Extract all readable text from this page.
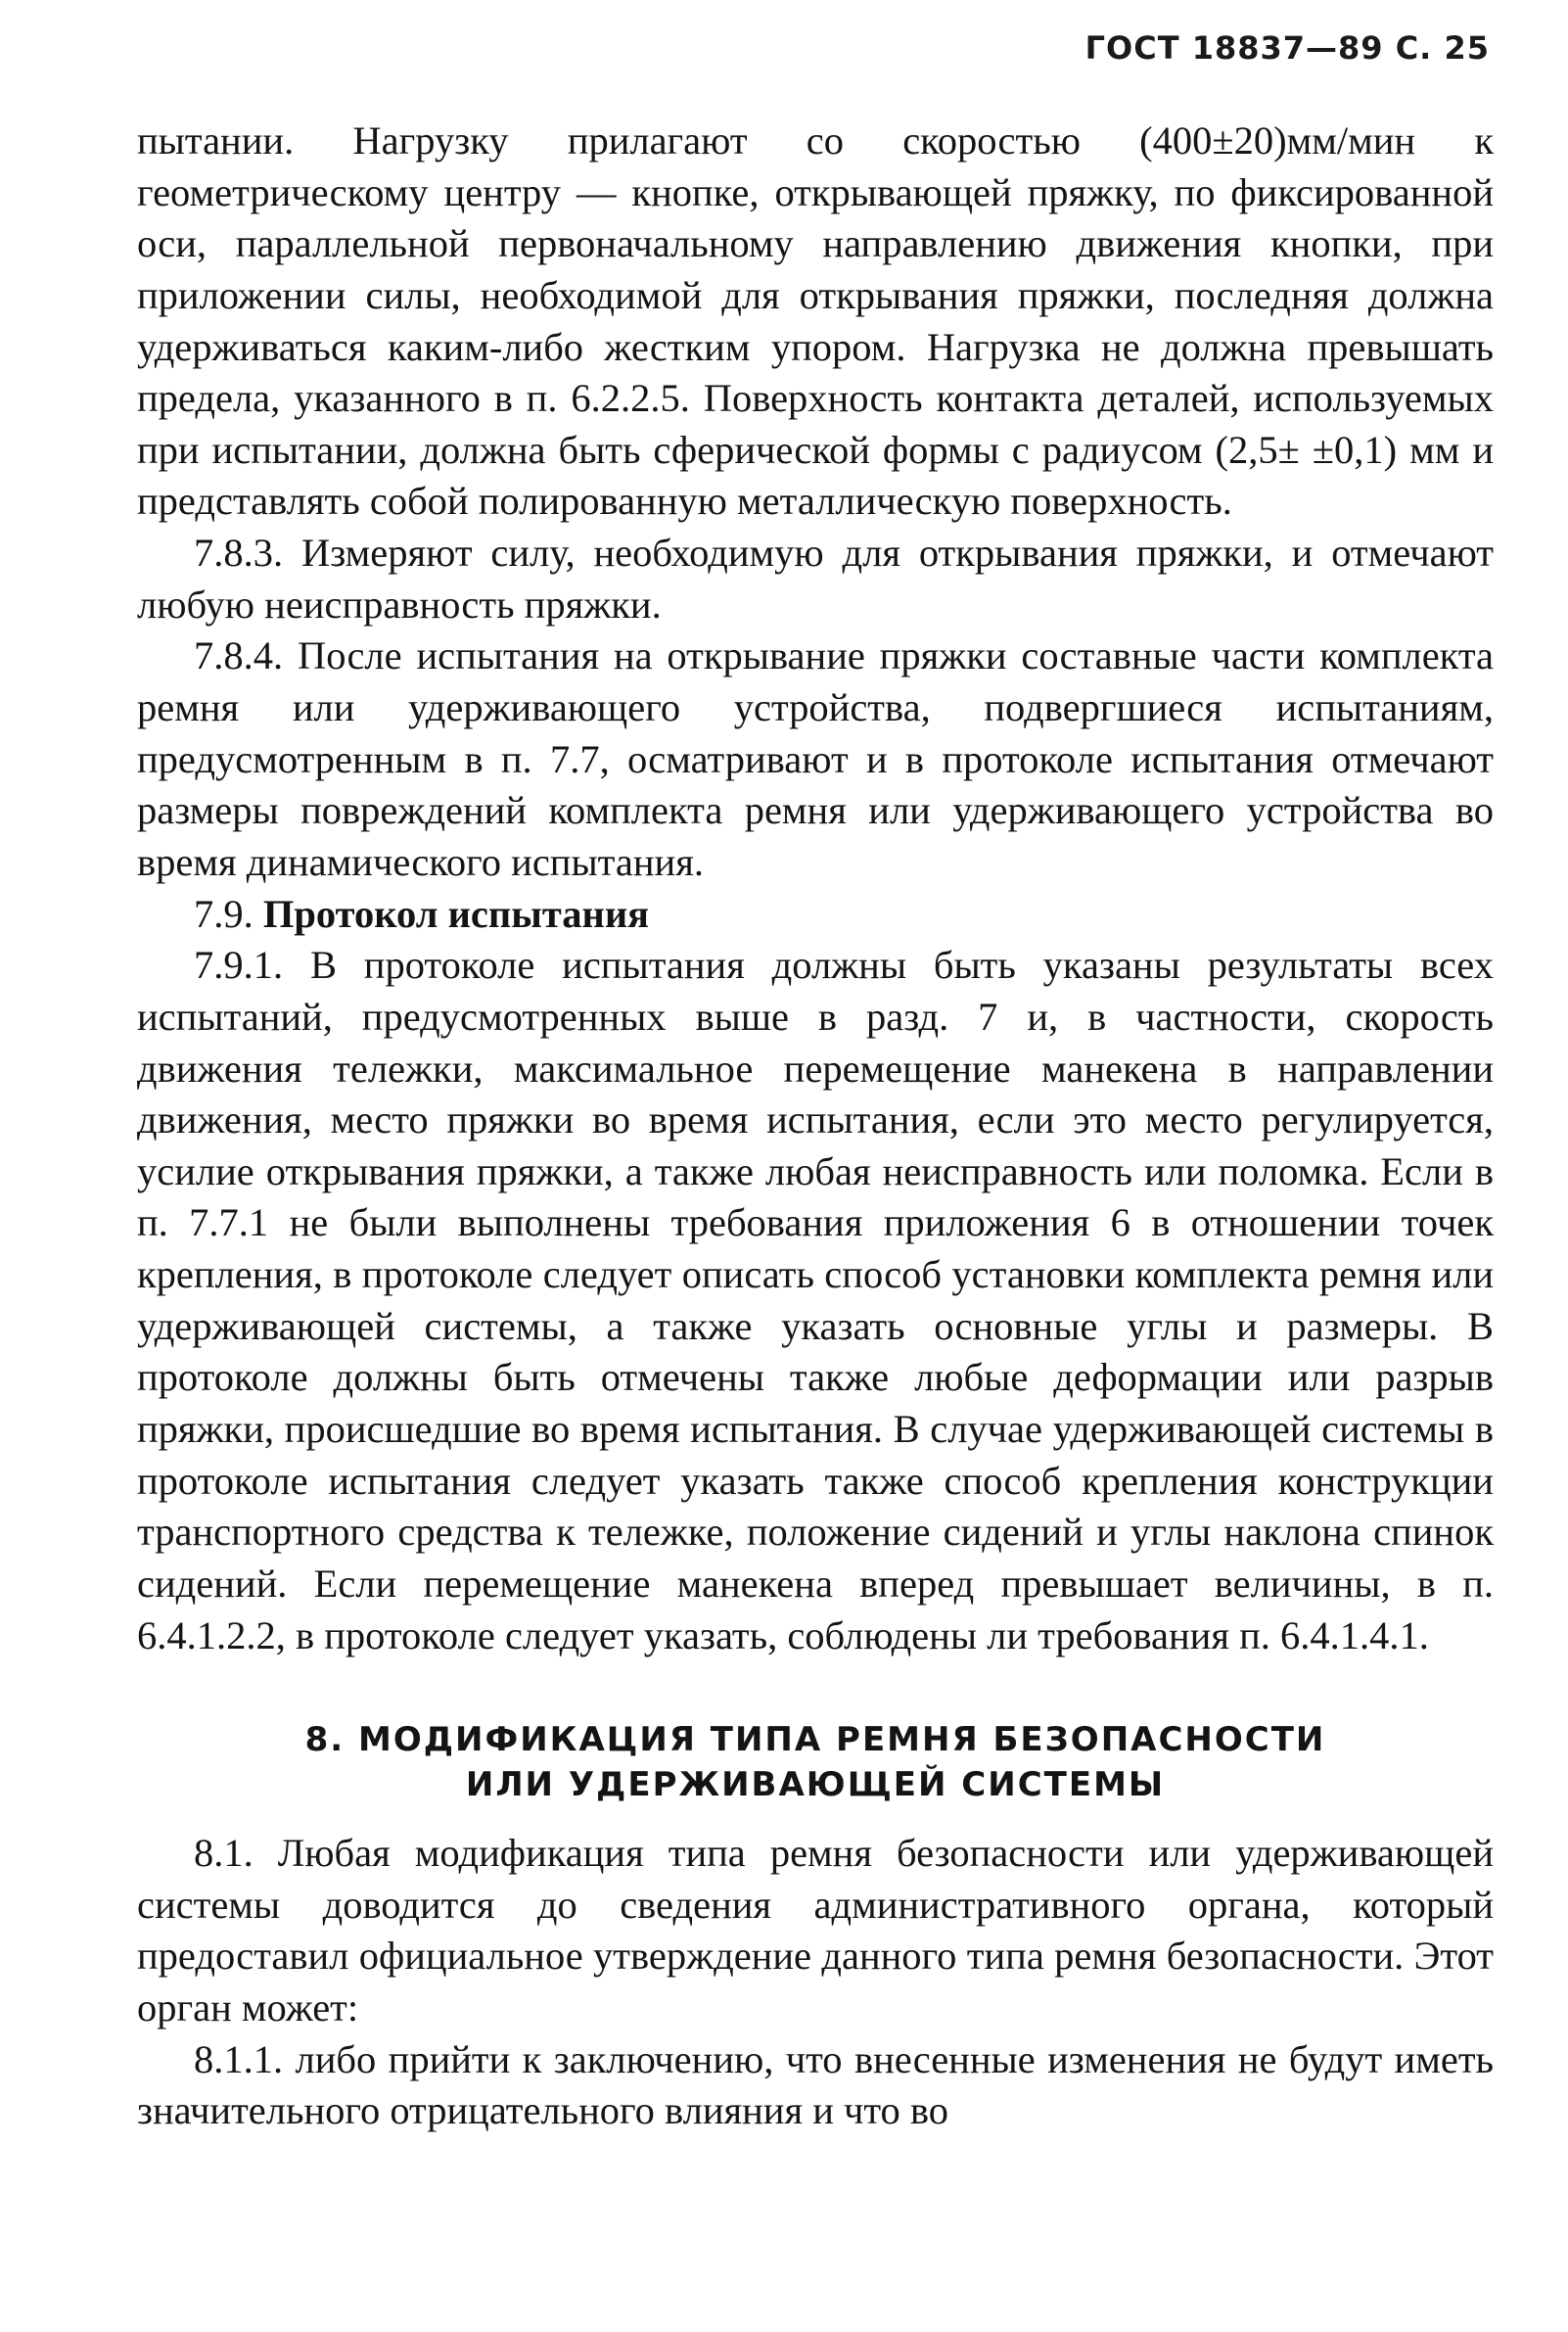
ГОСТ 18837—89 С. 25

пытании. Нагрузку прилагают со скоростью (400±20)мм/мин к геометрическому центру — кнопке, открывающей пряжку, по фиксированной оси, параллельной первоначальному направлению движения кнопки, при приложении силы, необходимой для открывания пряжки, последняя должна удерживаться каким-либо жестким упором. Нагрузка не должна превышать предела, указанного в п. 6.2.2.5. Поверхность контакта деталей, используемых при испытании, должна быть сферической формы с радиусом (2,5± ±0,1) мм и представлять собой полированную металлическую поверхность.

7.8.3. Измеряют силу, необходимую для открывания пряжки, и отмечают любую неисправность пряжки.

7.8.4. После испытания на открывание пряжки составные части комплекта ремня или удерживающего устройства, подвергшиеся испытаниям, предусмотренным в п. 7.7, осматривают и в протоколе испытания отмечают размеры повреждений комплекта ремня или удерживающего устройства во время динамического испытания.

7.9. Протокол испытания

7.9.1. В протоколе испытания должны быть указаны результаты всех испытаний, предусмотренных выше в разд. 7 и, в частности, скорость движения тележки, максимальное перемещение манекена в направлении движения, место пряжки во время испытания, если это место регулируется, усилие открывания пряжки, а также любая неисправность или поломка. Если в п. 7.7.1 не были выполнены требования приложения 6 в отношении точек крепления, в протоколе следует описать способ установки комплекта ремня или удерживающей системы, а также указать основные углы и размеры. В протоколе должны быть отмечены также любые деформации или разрыв пряжки, происшедшие во время испытания. В случае удерживающей системы в протоколе испытания следует указать также способ крепления конструкции транспортного средства к тележке, положение сидений и углы наклона спинок сидений. Если перемещение манекена вперед превышает величины, в п. 6.4.1.2.2, в протоколе следует указать, соблюдены ли требования п. 6.4.1.4.1.

8. МОДИФИКАЦИЯ ТИПА РЕМНЯ БЕЗОПАСНОСТИ
ИЛИ УДЕРЖИВАЮЩЕЙ СИСТЕМЫ

8.1. Любая модификация типа ремня безопасности или удерживающей системы доводится до сведения административного органа, который предоставил официальное утверждение данного типа ремня безопасности. Этот орган может:

8.1.1. либо прийти к заключению, что внесенные изменения не будут иметь значительного отрицательного влияния и что во
